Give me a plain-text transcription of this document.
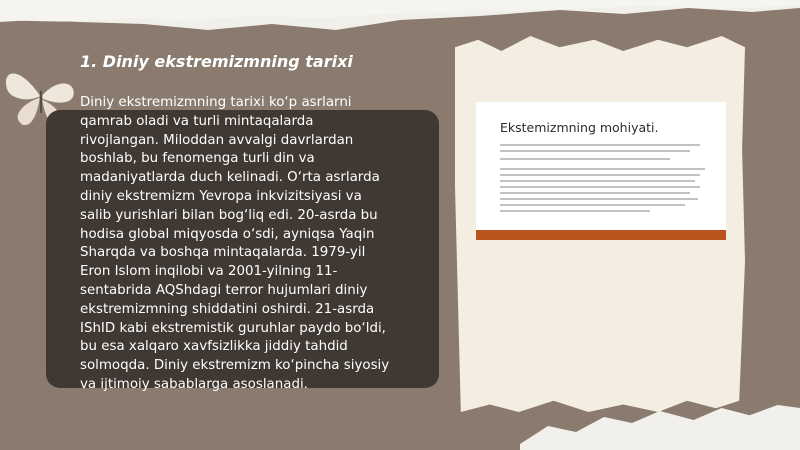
1. Diniy ekstremizmning tarixi

Diniy ekstremizmning tarixi ko‘p asrlarni qamrab oladi va turli mintaqalarda rivojlangan. Miloddan avvalgi davrlardan boshlab, bu fenomenga turli din va madaniyatlarda duch kelinadi. O‘rta asrlarda diniy ekstremizm Yevropa inkvizitsiyasi va salib yurishlari bilan bog‘liq edi. 20-asrda bu hodisa global miqyosda o‘sdi, ayniqsa Yaqin Sharqda va boshqa mintaqalarda. 1979-yil Eron Islom inqilobi va 2001-yilning 11-sentabrida AQShdagi terror hujumlari diniy ekstremizmning shiddatini oshirdi. 21-asrda IShID kabi ekstremistik guruhlar paydo bo‘ldi, bu esa xalqaro xavfsizlikka jiddiy tahdid solmoqda. Diniy ekstremizm ko‘pincha siyosiy va ijtimoiy sabablarga asoslanadi.

Ekstemizmning mohiyati.
